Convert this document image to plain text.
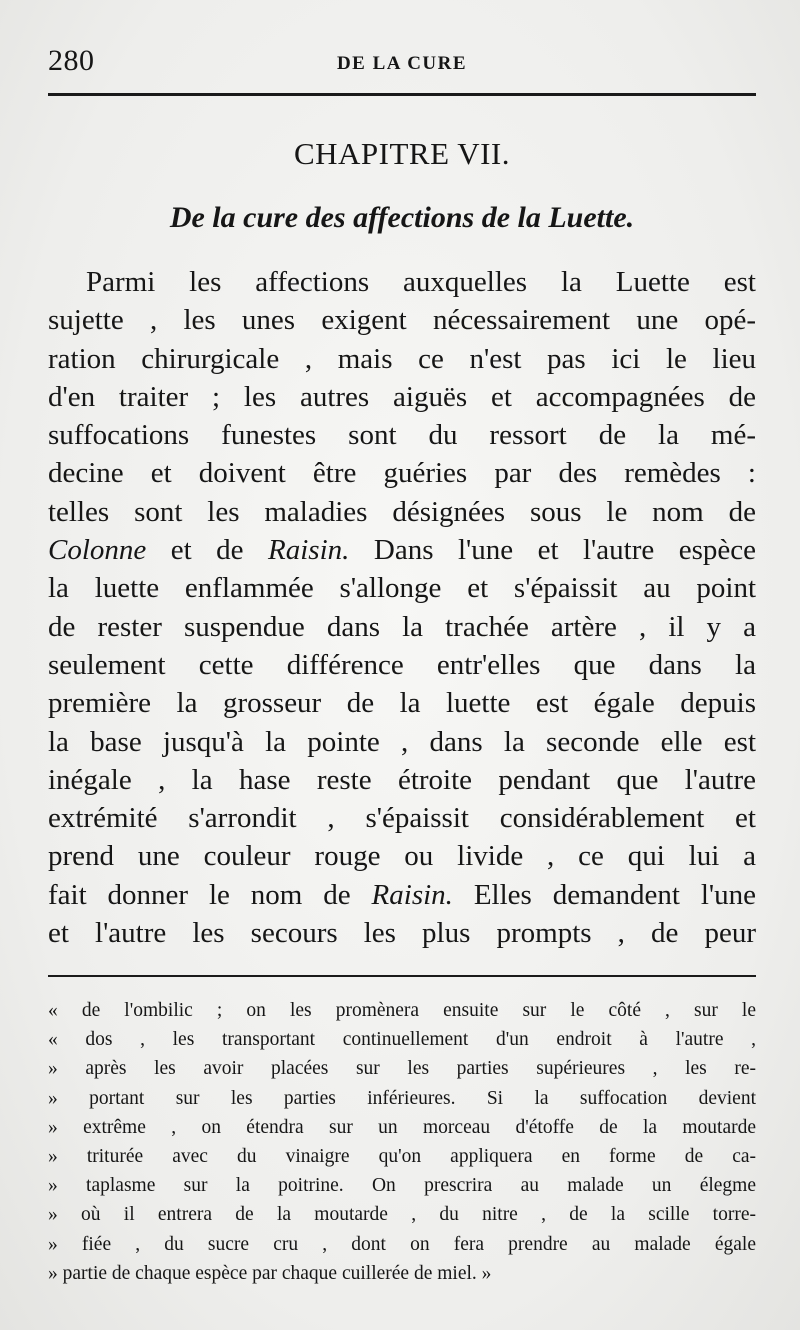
280	DE LA CURE
CHAPITRE VII.
De la cure des affections de la Luette.
Parmi les affections auxquelles la Luette est
sujette , les unes exigent nécessairement une opé-
ration chirurgicale , mais ce n'est pas ici le lieu
d'en traiter ; les autres aiguës et accompagnées de
suffocations funestes sont du ressort de la mé-
decine et doivent être guéries par des remèdes :
telles sont les maladies désignées sous le nom de
Colonne et de Raisin. Dans l'une et l'autre espèce
la luette enflammée s'allonge et s'épaissit au point
de rester suspendue dans la trachée artère , il y a
seulement cette différence entr'elles que dans la
première la grosseur de la luette est égale depuis
la base jusqu'à la pointe , dans la seconde elle est
inégale , la hase reste étroite pendant que l'autre
extrémité s'arrondit , s'épaissit considérablement et
prend une couleur rouge ou livide , ce qui lui a
fait donner le nom de Raisin. Elles demandent l'une
et l'autre les secours les plus prompts , de peur
« de l'ombilic ; on les promènera ensuite sur le côté , sur le
« dos , les transportant continuellement d'un endroit à l'autre ,
» après les avoir placées sur les parties supérieures , les re-
» portant sur les parties inférieures. Si la suffocation devient
» extrême , on étendra sur un morceau d'étoffe de la moutarde
» triturée avec du vinaigre qu'on appliquera en forme de ca-
» taplasme sur la poitrine. On prescrira au malade un élegme
» où il entrera de la moutarde , du nitre , de la scille torre-
» fiée , du sucre cru , dont on fera prendre au malade égale
» partie de chaque espèce par chaque cuillerée de miel. »
